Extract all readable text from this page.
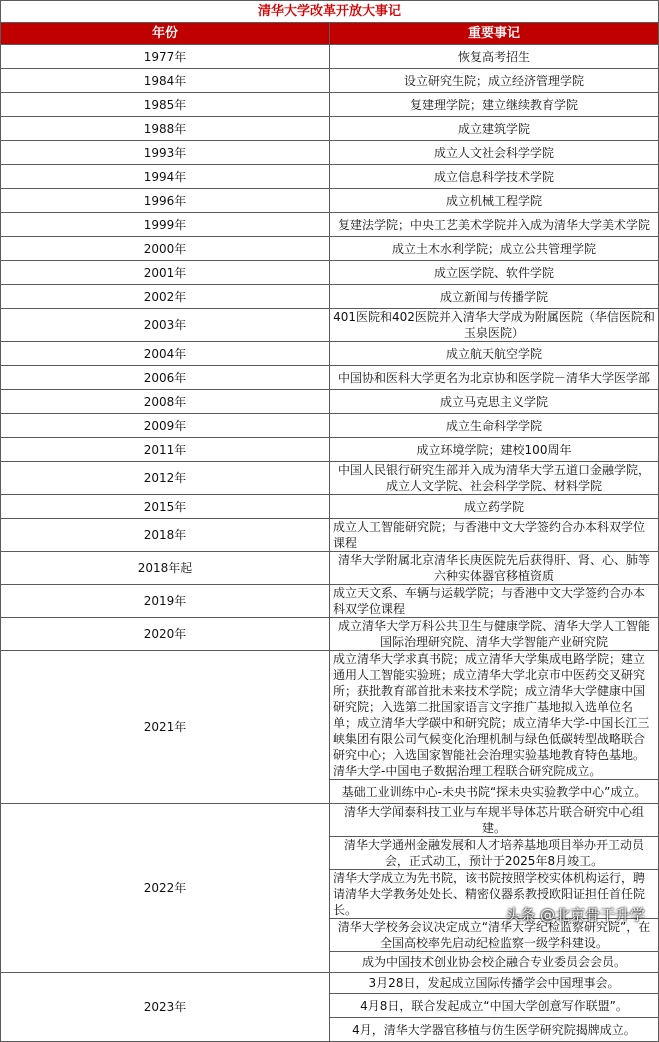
清华大学改革开放大事记	
年份	重要事记
1977年	恢复高考招生
1984年	设立研究生院；成立经济管理学院
1985年	复建理学院；建立继续教育学院
1988年	成立建筑学院
1993年	成立人文社会科学学院
1994年	成立信息科学技术学院
1996年	成立机械工程学院
1999年	复建法学院；中央工艺美术学院并入成为清华大学美术学院
2000年	成立土木水利学院；成立公共管理学院
2001年	成立医学院、软件学院
2002年	成立新闻与传播学院
2003年	401医院和402医院并入清华大学成为附属医院（华信医院和玉泉医院）
2004年	成立航天航空学院
2006年	中国协和医科大学更名为北京协和医学院－清华大学医学部
2008年	成立马克思主义学院
2009年	成立生命科学学院
2011年	成立环境学院；建校100周年
2012年	中国人民银行研究生部并入成为清华大学五道口金融学院，成立人文学院、社会科学学院、材料学院
2015年	成立药学院
2018年	成立人工智能研究院；与香港中文大学签约合办本科双学位课程
2018年起	清华大学附属北京清华长庚医院先后获得肝、肾、心、肺等六种实体器官移植资质
2019年	成立天文系、车辆与运载学院；与香港中文大学签约合办本科双学位课程
2020年	成立清华大学万科公共卫生与健康学院、清华大学人工智能国际治理研究院、清华大学智能产业研究院
2021年	成立清华大学求真书院；成立清华大学集成电路学院；建立通用人工智能实验班；成立清华大学北京市中医药交叉研究所；获批教育部首批未来技术学院；成立清华大学健康中国研究院；入选第二批国家语言文字推广基地拟入选单位名单；成立清华大学碳中和研究院；成立清华大学-中国长江三峡集团有限公司气候变化治理机制与绿色低碳转型战略联合研究中心；入选国家智能社会治理实验基地教育特色基地。清华大学-中国电子数据治理工程联合研究院成立。
	基础工业训练中心-未央书院“探未央实验教学中心”成立。
2022年	清华大学闻泰科技工业与车规半导体芯片联合研究中心组建。
	清华大学通州金融发展和人才培养基地项目举办开工动员会，正式动工，预计于2025年8月竣工。
	清华大学成立为先书院，该书院按照学校实体机构运行，聘请清华大学教务处处长、精密仪器系教授欧阳证担任首任院长。
	清华大学校务会议决定成立“清华大学纪检监察研究院”，在全国高校率先启动纪检监察一级学科建设。
	成为中国技术创业协会校企融合专业委员会会员。
2023年	3月28日，发起成立国际传播学会中国理事会。
	4月8日，联合发起成立“中国大学创意写作联盟”。
	4月，清华大学器官移植与仿生医学研究院揭牌成立。
头条 @北京骨干升学
